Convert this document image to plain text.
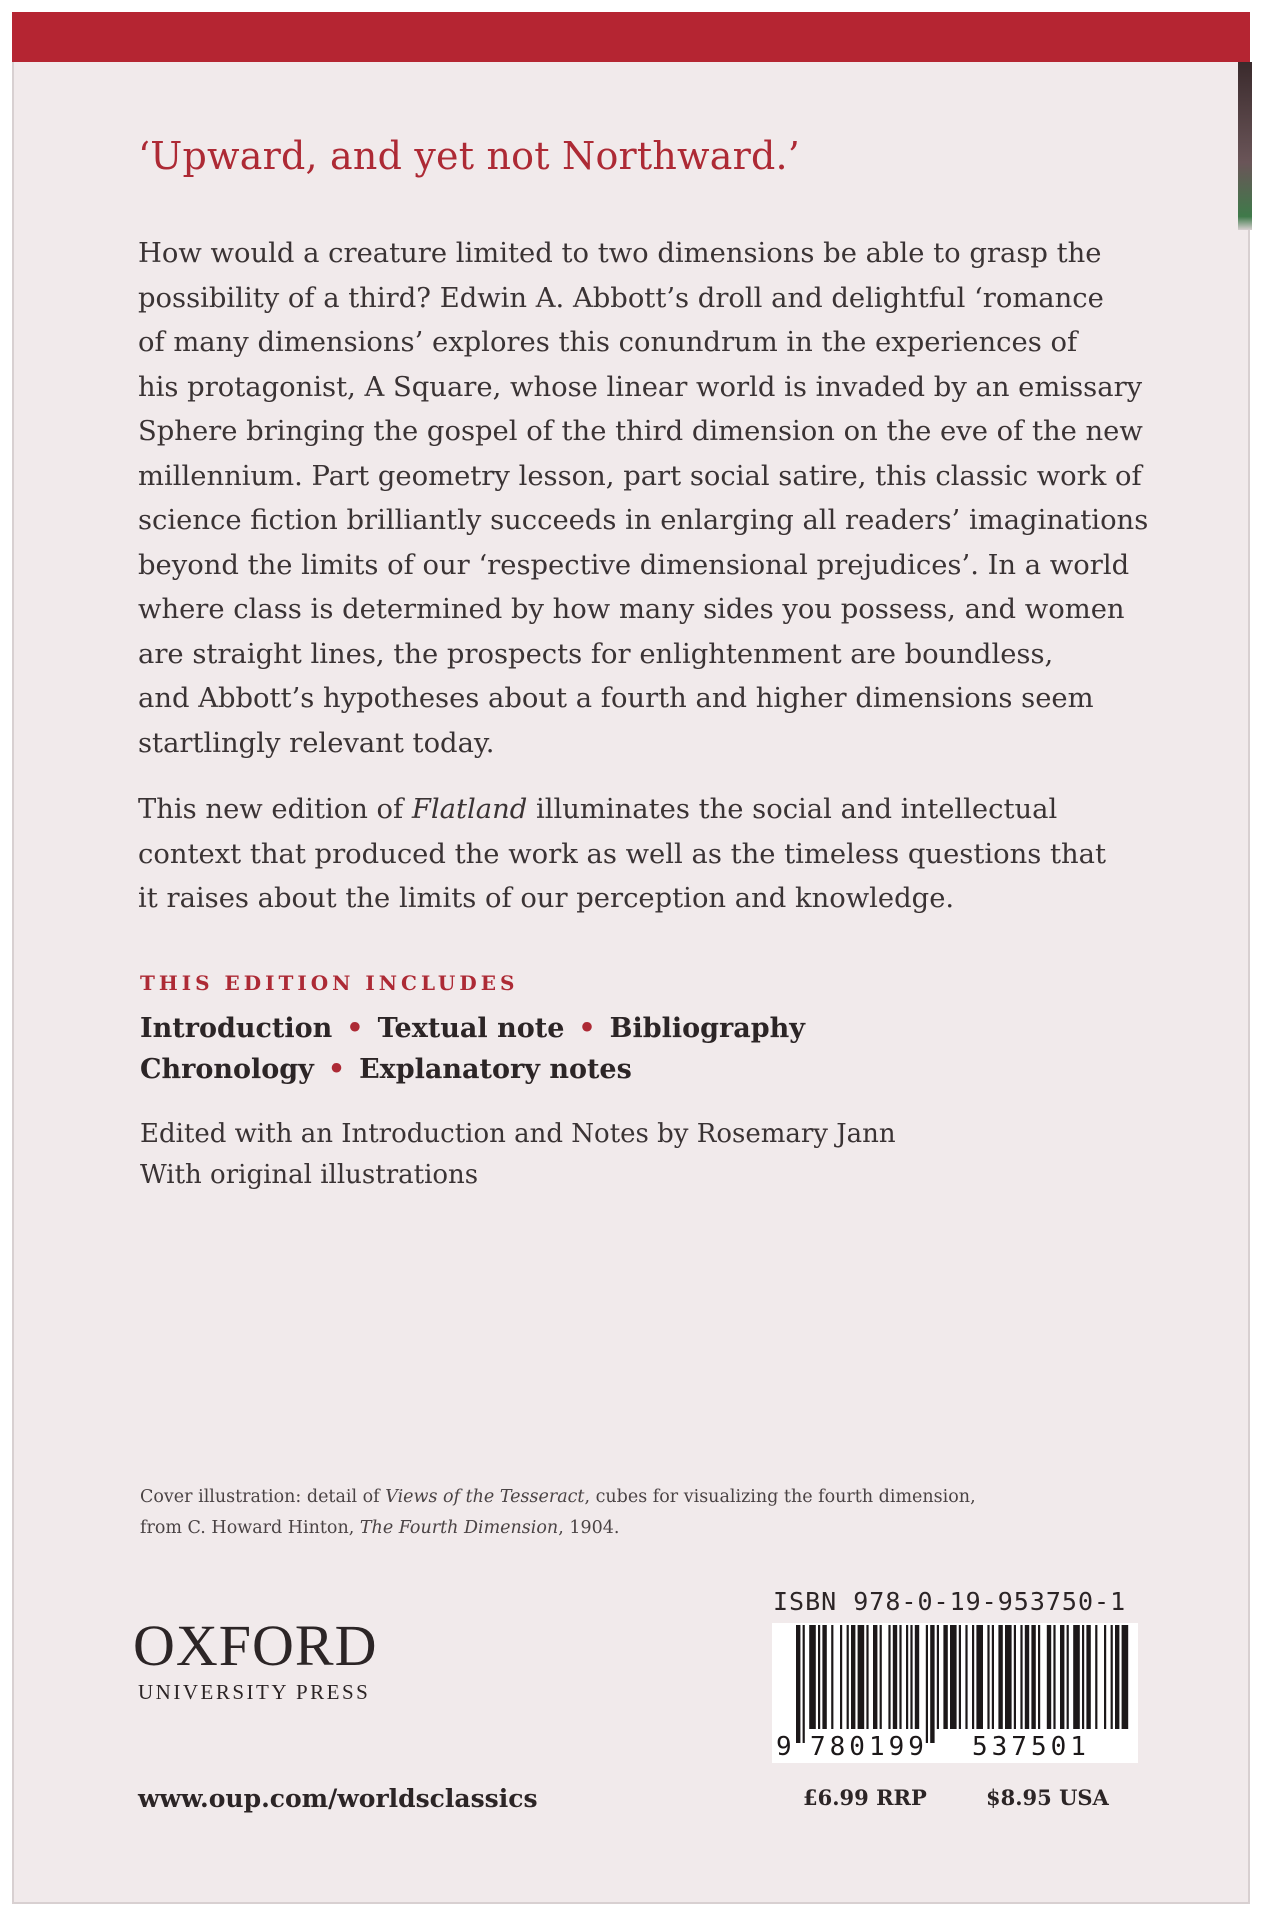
‘Upward, and yet not Northward.’

How would a creature limited to two dimensions be able to grasp the
possibility of a third? Edwin A. Abbott’s droll and delightful ‘romance
of many dimensions’ explores this conundrum in the experiences of
his protagonist, A Square, whose linear world is invaded by an emissary
Sphere bringing the gospel of the third dimension on the eve of the new
millennium. Part geometry lesson, part social satire, this classic work of
science fiction brilliantly succeeds in enlarging all readers’ imaginations
beyond the limits of our ‘respective dimensional prejudices’. In a world
where class is determined by how many sides you possess, and women
are straight lines, the prospects for enlightenment are boundless,
and Abbott’s hypotheses about a fourth and higher dimensions seem
startlingly relevant today.
This new edition of Flatland illuminates the social and intellectual
context that produced the work as well as the timeless questions that
it raises about the limits of our perception and knowledge.

THIS EDITION INCLUDES

Introduction • Textual note • Bibliography

Chronology • Explanatory notes

Edited with an Introduction and Notes by Rosemary Jann

With original illustrations

Cover illustration: detail of Views of the Tesseract, cubes for visualizing the fourth dimension,

from C. Howard Hinton, The Fourth Dimension, 1904.

OXFORD

UNIVERSITY PRESS

www.oup.com/worldsclassics

ISBN 978-0-19-953750-1

9 780199 537501

£6.99 RRP	$8.95 USA
